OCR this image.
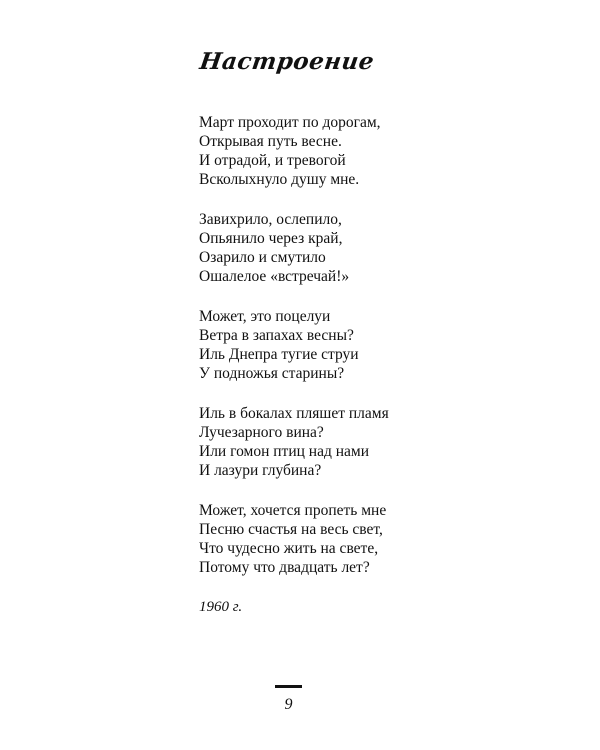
Настроение
Март проходит по дорогам,
Открывая путь весне.
И отрадой, и тревогой
Всколыхнуло душу мне.
Завихрило, ослепило,
Опьянило через край,
Озарило и смутило
Ошалелое «встречай!»
Может, это поцелуи
Ветра в запахах весны?
Иль Днепра тугие струи
У подножья старины?
Иль в бокалах пляшет пламя
Лучезарного вина?
Или гомон птиц над нами
И лазури глубина?
Может, хочется пропеть мне
Песню счастья на весь свет,
Что чудесно жить на свете,
Потому что двадцать лет?
1960 г.
9
